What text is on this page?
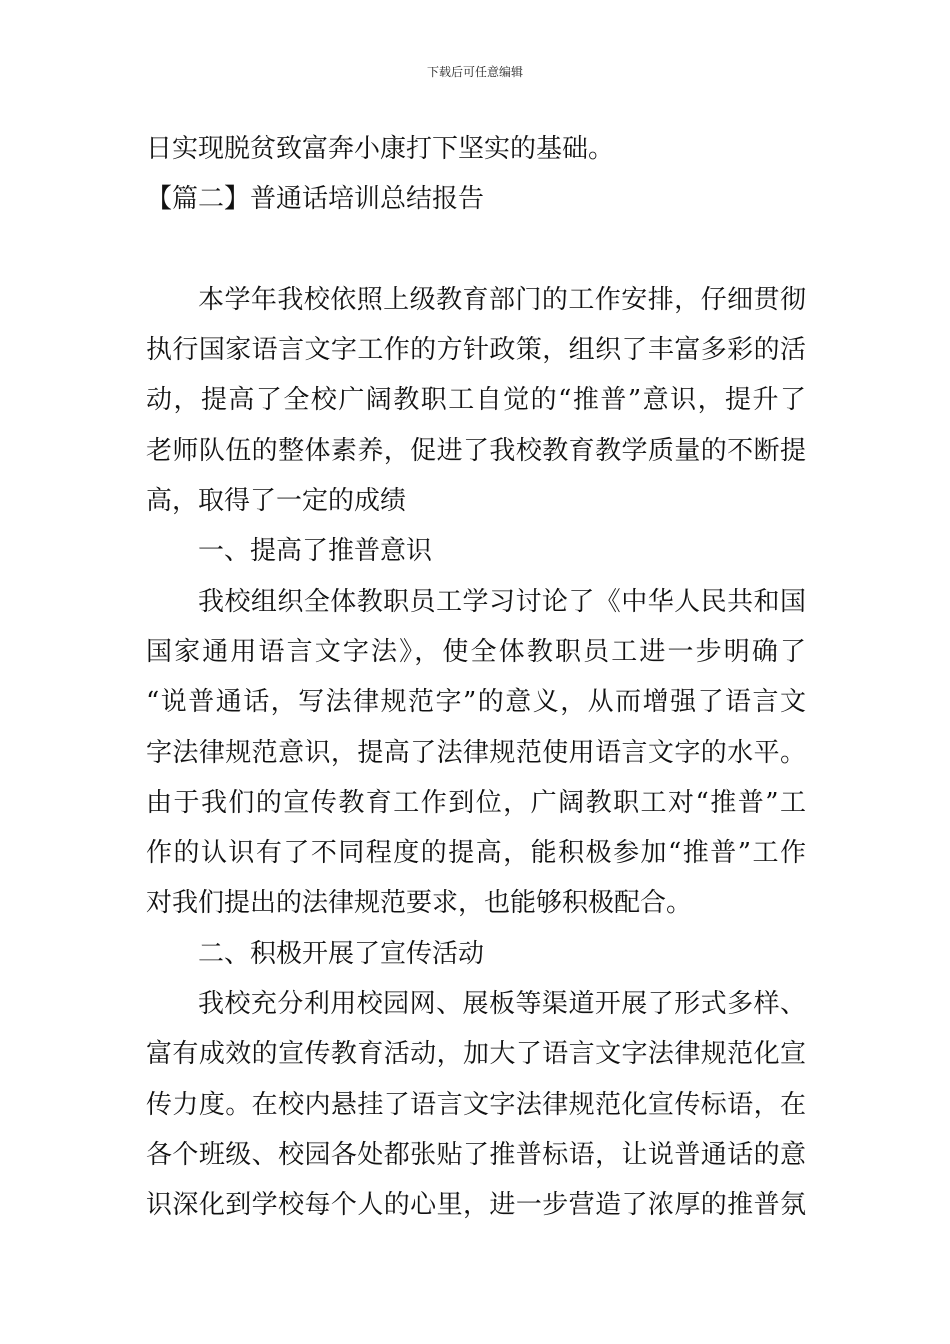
下载后可任意编辑
日实现脱贫致富奔小康打下坚实的基础。
【篇二】普通话培训总结报告
本学年我校依照上级教育部门的工作安排，仔细贯彻
执行国家语言文字工作的方针政策，组织了丰富多彩的活
动，提高了全校广阔教职工自觉的“推普”意识，提升了
老师队伍的整体素养，促进了我校教育教学质量的不断提
高，取得了一定的成绩
一、提高了推普意识
我校组织全体教职员工学习讨论了《中华人民共和国
国家通用语言文字法》，使全体教职员工进一步明确了
“说普通话，写法律规范字”的意义，从而增强了语言文
字法律规范意识，提高了法律规范使用语言文字的水平。
由于我们的宣传教育工作到位，广阔教职工对“推普”工
作的认识有了不同程度的提高，能积极参加“推普”工作
对我们提出的法律规范要求，也能够积极配合。
二、积极开展了宣传活动
我校充分利用校园网、展板等渠道开展了形式多样、
富有成效的宣传教育活动，加大了语言文字法律规范化宣
传力度。在校内悬挂了语言文字法律规范化宣传标语，在
各个班级、校园各处都张贴了推普标语，让说普通话的意
识深化到学校每个人的心里，进一步营造了浓厚的推普氛
